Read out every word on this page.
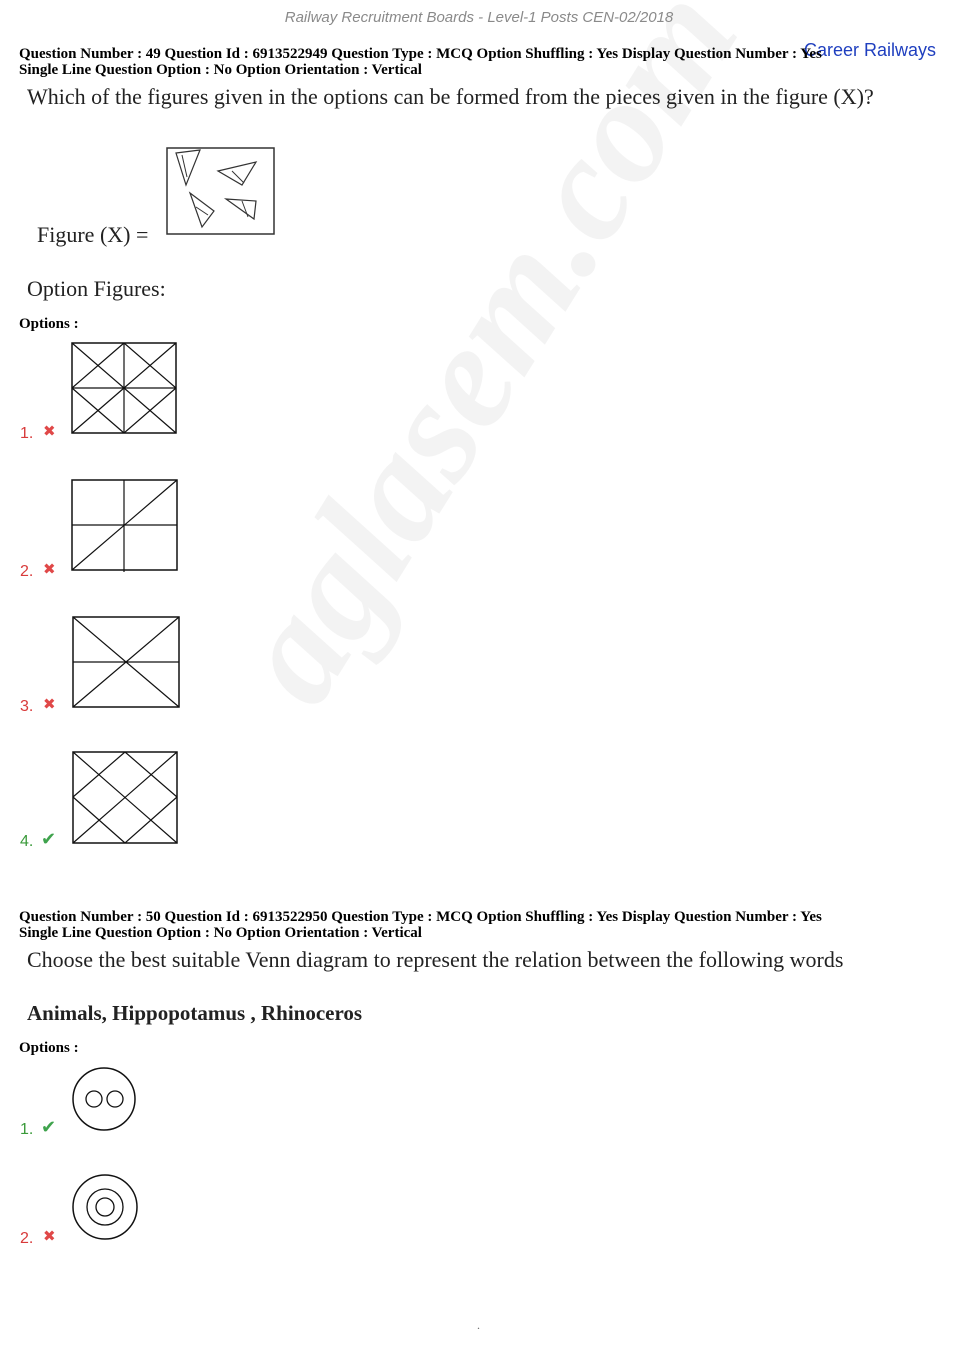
Railway Recruitment Boards - Level-1 Posts CEN-02/2018
Career Railways
Question Number : 49 Question Id : 6913522949 Question Type : MCQ Option Shuffling : Yes Display Question Number : Yes
Single Line Question Option : No Option Orientation : Vertical
Which of the figures given in the options can be formed from the pieces given in the figure (X)?
Figure (X) =
Option Figures:
Options :
1. ✖
2. ✖
3. ✖
4. ✔
Question Number : 50 Question Id : 6913522950 Question Type : MCQ Option Shuffling : Yes Display Question Number : Yes
Single Line Question Option : No Option Orientation : Vertical
Choose the best suitable Venn diagram to represent the relation between the following words
Animals, Hippopotamus , Rhinoceros
Options :
1. ✔
2. ✖
.
